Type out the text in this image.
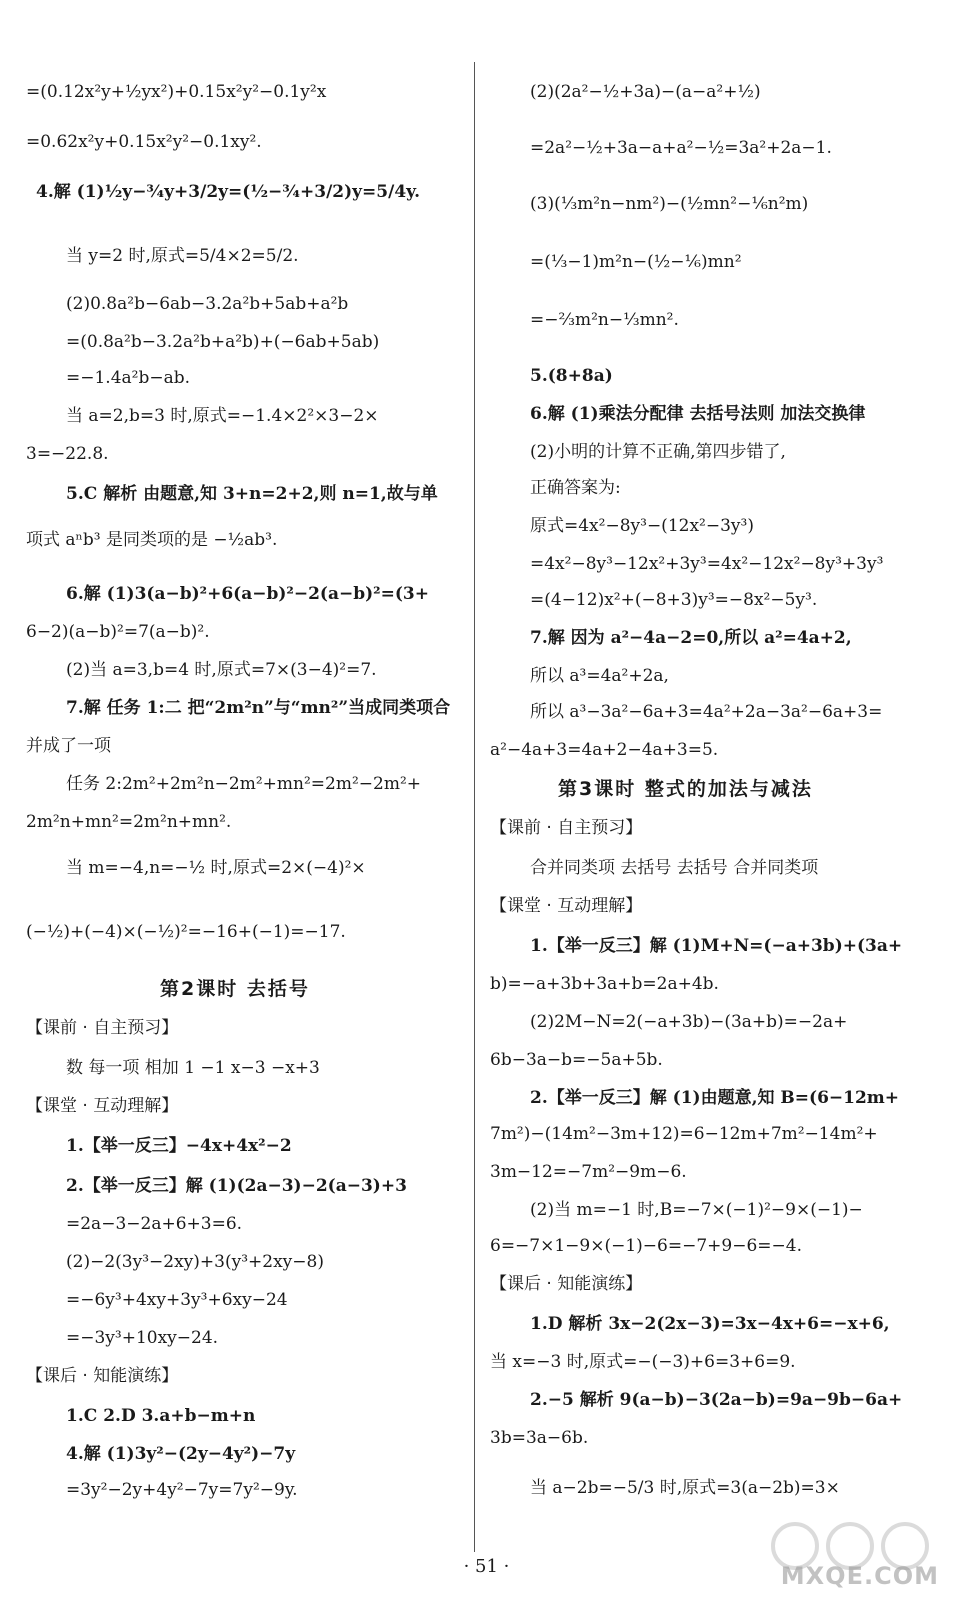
=(0.12x²y+½yx²)+0.15x²y²−0.1y²x
=0.62x²y+0.15x²y²−0.1xy².
4.解 (1)½y−¾y+3/2y=(½−¾+3/2)y=5/4y.
当 y=2 时,原式=5/4×2=5/2.
(2)0.8a²b−6ab−3.2a²b+5ab+a²b
=(0.8a²b−3.2a²b+a²b)+(−6ab+5ab)
=−1.4a²b−ab.
当 a=2,b=3 时,原式=−1.4×2²×3−2×
3=−22.8.
5.C 解析 由题意,知 3+n=2+2,则 n=1,故与单
项式 aⁿb³ 是同类项的是 −½ab³.
6.解 (1)3(a−b)²+6(a−b)²−2(a−b)²=(3+
6−2)(a−b)²=7(a−b)².
(2)当 a=3,b=4 时,原式=7×(3−4)²=7.
7.解 任务 1:二 把“2m²n”与“mn²”当成同类项合
并成了一项
任务 2:2m²+2m²n−2m²+mn²=2m²−2m²+
2m²n+mn²=2m²n+mn².
当 m=−4,n=−½ 时,原式=2×(−4)²×
(−½)+(−4)×(−½)²=−16+(−1)=−17.
第2课时 去括号
【课前 · 自主预习】
数 每一项 相加 1 −1 x−3 −x+3
【课堂 · 互动理解】
1.【举一反三】−4x+4x²−2
2.【举一反三】解 (1)(2a−3)−2(a−3)+3
=2a−3−2a+6+3=6.
(2)−2(3y³−2xy)+3(y³+2xy−8)
=−6y³+4xy+3y³+6xy−24
=−3y³+10xy−24.
【课后 · 知能演练】
1.C 2.D 3.a+b−m+n
4.解 (1)3y²−(2y−4y²)−7y
=3y²−2y+4y²−7y=7y²−9y.
(2)(2a²−½+3a)−(a−a²+½)
=2a²−½+3a−a+a²−½=3a²+2a−1.
(3)(⅓m²n−nm²)−(½mn²−⅙n²m)
=(⅓−1)m²n−(½−⅙)mn²
=−⅔m²n−⅓mn².
5.(8+8a)
6.解 (1)乘法分配律 去括号法则 加法交换律
(2)小明的计算不正确,第四步错了,
正确答案为:
原式=4x²−8y³−(12x²−3y³)
=4x²−8y³−12x²+3y³=4x²−12x²−8y³+3y³
=(4−12)x²+(−8+3)y³=−8x²−5y³.
7.解 因为 a²−4a−2=0,所以 a²=4a+2,
所以 a³=4a²+2a,
所以 a³−3a²−6a+3=4a²+2a−3a²−6a+3=
a²−4a+3=4a+2−4a+3=5.
第3课时 整式的加法与减法
【课前 · 自主预习】
合并同类项 去括号 去括号 合并同类项
【课堂 · 互动理解】
1.【举一反三】解 (1)M+N=(−a+3b)+(3a+
b)=−a+3b+3a+b=2a+4b.
(2)2M−N=2(−a+3b)−(3a+b)=−2a+
6b−3a−b=−5a+5b.
2.【举一反三】解 (1)由题意,知 B=(6−12m+
7m²)−(14m²−3m+12)=6−12m+7m²−14m²+
3m−12=−7m²−9m−6.
(2)当 m=−1 时,B=−7×(−1)²−9×(−1)−
6=−7×1−9×(−1)−6=−7+9−6=−4.
【课后 · 知能演练】
1.D 解析 3x−2(2x−3)=3x−4x+6=−x+6,
当 x=−3 时,原式=−(−3)+6=3+6=9.
2.−5 解析 9(a−b)−3(2a−b)=9a−9b−6a+
3b=3a−6b.
当 a−2b=−5/3 时,原式=3(a−2b)=3×
· 51 ·	MXQE.COM
